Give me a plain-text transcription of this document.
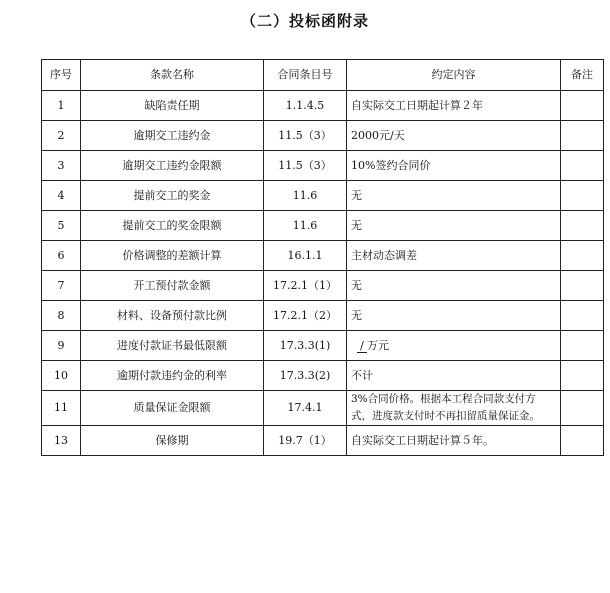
（二）投标函附录
序号	条款名称	合同条目号	约定内容	备注
1	缺陷责任期	1.1.4.5	自实际交工日期起计算２年	
2	逾期交工违约金	11.5（3）	2000元/天	
3	逾期交工违约金限额	11.5（3）	10%签约合同价	
4	提前交工的奖金	11.6	无	
5	提前交工的奖金限额	11.6	无	
6	价格调整的差额计算	16.1.1	主材动态调差	
7	开工预付款金额	17.2.1（1）	无	
8	材料、设备预付款比例	17.2.1（2）	无	
9	进度付款证书最低限额	17.3.3(1)	/ 万元	
10	逾期付款违约金的利率	17.3.3(2)	不计	
11	质量保证金限额	17.4.1	3%合同价格。根据本工程合同款支付方式，进度款支付时不再扣留质量保证金。	
13	保修期	19.7（1）	自实际交工日期起计算５年。	
